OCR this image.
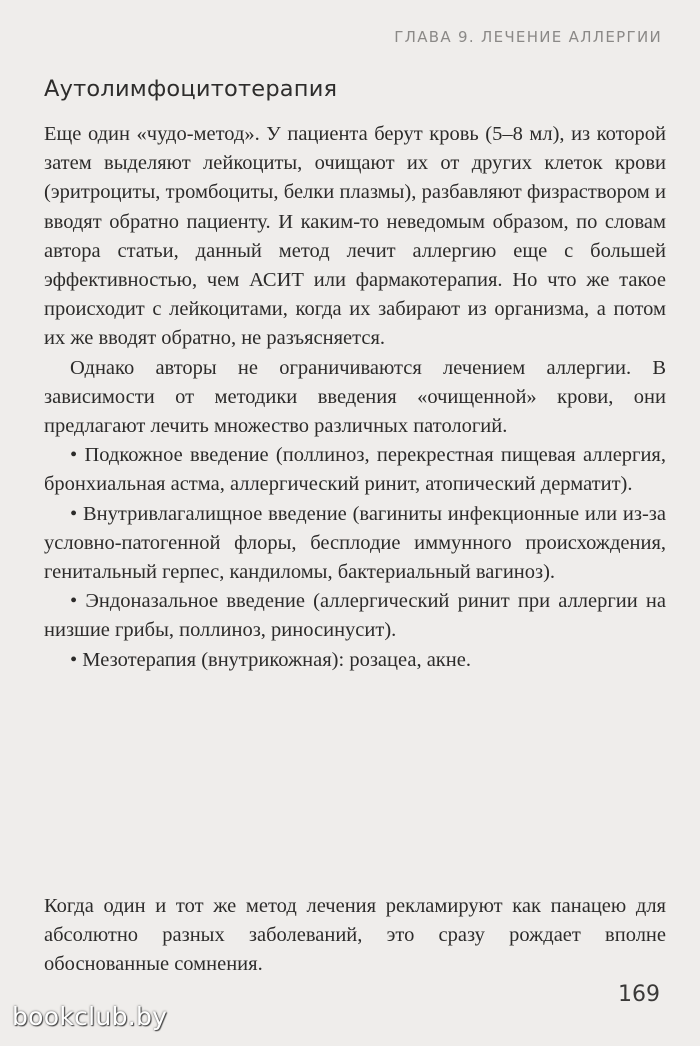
ГЛАВА 9. ЛЕЧЕНИЕ АЛЛЕРГИИ
Аутолимфоцитотерапия

Еще один «чудо-метод». У пациента берут кровь (5–8 мл), из которой затем выделяют лейкоциты, очищают их от других клеток крови (эритроциты, тромбоциты, белки плазмы), разбавляют физраствором и вводят обратно пациенту. И каким-то неведомым образом, по словам автора статьи, данный метод лечит аллергию еще с большей эффективностью, чем АСИТ или фармакотерапия. Но что же такое происходит с лейкоцитами, когда их забирают из организма, а потом их же вводят обратно, не разъясняется.

Однако авторы не ограничиваются лечением аллергии. В зависимости от методики введения «очищенной» крови, они предлагают лечить множество различных патологий.

• Подкожное введение (поллиноз, перекрестная пищевая аллергия, бронхиальная астма, аллергический ринит, атопический дерматит).

• Внутривлагалищное введение (вагиниты инфекционные или из-за условно-патогенной флоры, бесплодие иммунного происхождения, генитальный герпес, кандиломы, бактериальный вагиноз).

• Эндоназальное введение (аллергический ринит при аллергии на низшие грибы, поллиноз, риносинусит).

• Мезотерапия (внутрикожная): розацеа, акне.

Когда один и тот же метод лечения рекламируют как панацею для абсолютно разных заболеваний, это сразу рождает вполне обоснованные сомнения.

169
bookclub.by
